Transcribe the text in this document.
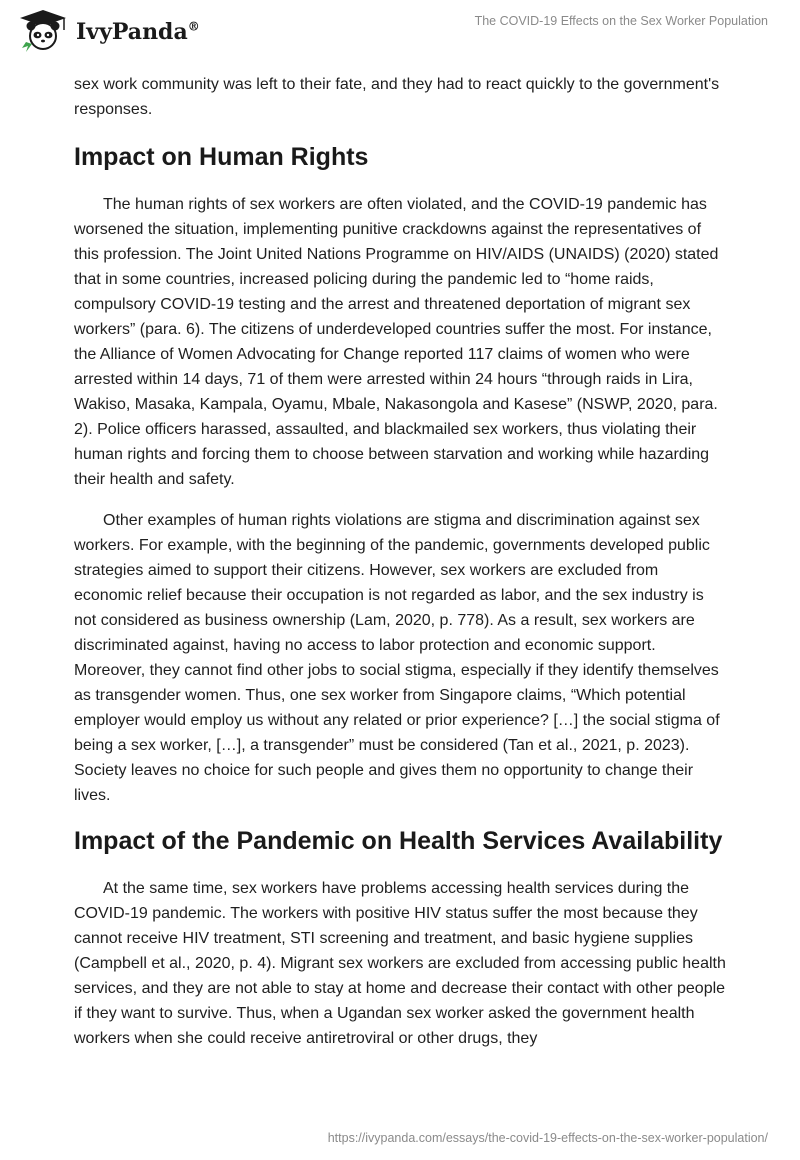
IvyPanda®	The COVID-19 Effects on the Sex Worker Population

sex work community was left to their fate, and they had to react quickly to the government's responses.

Impact on Human Rights

The human rights of sex workers are often violated, and the COVID-19 pandemic has worsened the situation, implementing punitive crackdowns against the representatives of this profession. The Joint United Nations Programme on HIV/AIDS (UNAIDS) (2020) stated that in some countries, increased policing during the pandemic led to “home raids, compulsory COVID-19 testing and the arrest and threatened deportation of migrant sex workers” (para. 6). The citizens of underdeveloped countries suffer the most. For instance, the Alliance of Women Advocating for Change reported 117 claims of women who were arrested within 14 days, 71 of them were arrested within 24 hours “through raids in Lira, Wakiso, Masaka, Kampala, Oyamu, Mbale, Nakasongola and Kasese” (NSWP, 2020, para. 2). Police officers harassed, assaulted, and blackmailed sex workers, thus violating their human rights and forcing them to choose between starvation and working while hazarding their health and safety.

Other examples of human rights violations are stigma and discrimination against sex workers. For example, with the beginning of the pandemic, governments developed public strategies aimed to support their citizens. However, sex workers are excluded from economic relief because their occupation is not regarded as labor, and the sex industry is not considered as business ownership (Lam, 2020, p. 778). As a result, sex workers are discriminated against, having no access to labor protection and economic support. Moreover, they cannot find other jobs to social stigma, especially if they identify themselves as transgender women. Thus, one sex worker from Singapore claims, “Which potential employer would employ us without any related or prior experience? […] the social stigma of being a sex worker, […], a transgender” must be considered (Tan et al., 2021, p. 2023). Society leaves no choice for such people and gives them no opportunity to change their lives.

Impact of the Pandemic on Health Services Availability

At the same time, sex workers have problems accessing health services during the COVID-19 pandemic. The workers with positive HIV status suffer the most because they cannot receive HIV treatment, STI screening and treatment, and basic hygiene supplies (Campbell et al., 2020, p. 4). Migrant sex workers are excluded from accessing public health services, and they are not able to stay at home and decrease their contact with other people if they want to survive. Thus, when a Ugandan sex worker asked the government health workers when she could receive antiretroviral or other drugs, they

https://ivypanda.com/essays/the-covid-19-effects-on-the-sex-worker-population/
